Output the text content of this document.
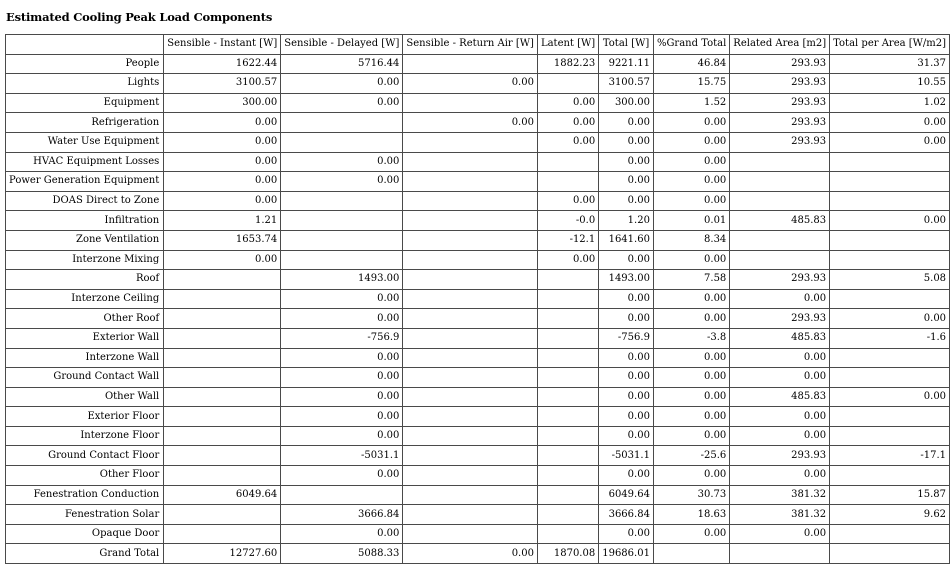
Estimated Cooling Peak Load Components
	Sensible - Instant [W]	Sensible - Delayed [W]	Sensible - Return Air [W]	Latent [W]	Total [W]	%Grand Total	Related Area [m2]	Total per Area [W/m2]
People	1622.44	5716.44		1882.23	9221.11	46.84	293.93	31.37
Lights	3100.57	0.00	0.00		3100.57	15.75	293.93	10.55
Equipment	300.00	0.00		0.00	300.00	1.52	293.93	1.02
Refrigeration	0.00		0.00	0.00	0.00	0.00	293.93	0.00
Water Use Equipment	0.00			0.00	0.00	0.00	293.93	0.00
HVAC Equipment Losses	0.00	0.00			0.00	0.00		
Power Generation Equipment	0.00	0.00			0.00	0.00		
DOAS Direct to Zone	0.00			0.00	0.00	0.00		
Infiltration	1.21			-0.0	1.20	0.01	485.83	0.00
Zone Ventilation	1653.74			-12.1	1641.60	8.34		
Interzone Mixing	0.00			0.00	0.00	0.00		
Roof		1493.00			1493.00	7.58	293.93	5.08
Interzone Ceiling		0.00			0.00	0.00	0.00	
Other Roof		0.00			0.00	0.00	293.93	0.00
Exterior Wall		-756.9			-756.9	-3.8	485.83	-1.6
Interzone Wall		0.00			0.00	0.00	0.00	
Ground Contact Wall		0.00			0.00	0.00	0.00	
Other Wall		0.00			0.00	0.00	485.83	0.00
Exterior Floor		0.00			0.00	0.00	0.00	
Interzone Floor		0.00			0.00	0.00	0.00	
Ground Contact Floor		-5031.1			-5031.1	-25.6	293.93	-17.1
Other Floor		0.00			0.00	0.00	0.00	
Fenestration Conduction	6049.64				6049.64	30.73	381.32	15.87
Fenestration Solar		3666.84			3666.84	18.63	381.32	9.62
Opaque Door		0.00			0.00	0.00	0.00	
Grand Total	12727.60	5088.33	0.00	1870.08	19686.01			
